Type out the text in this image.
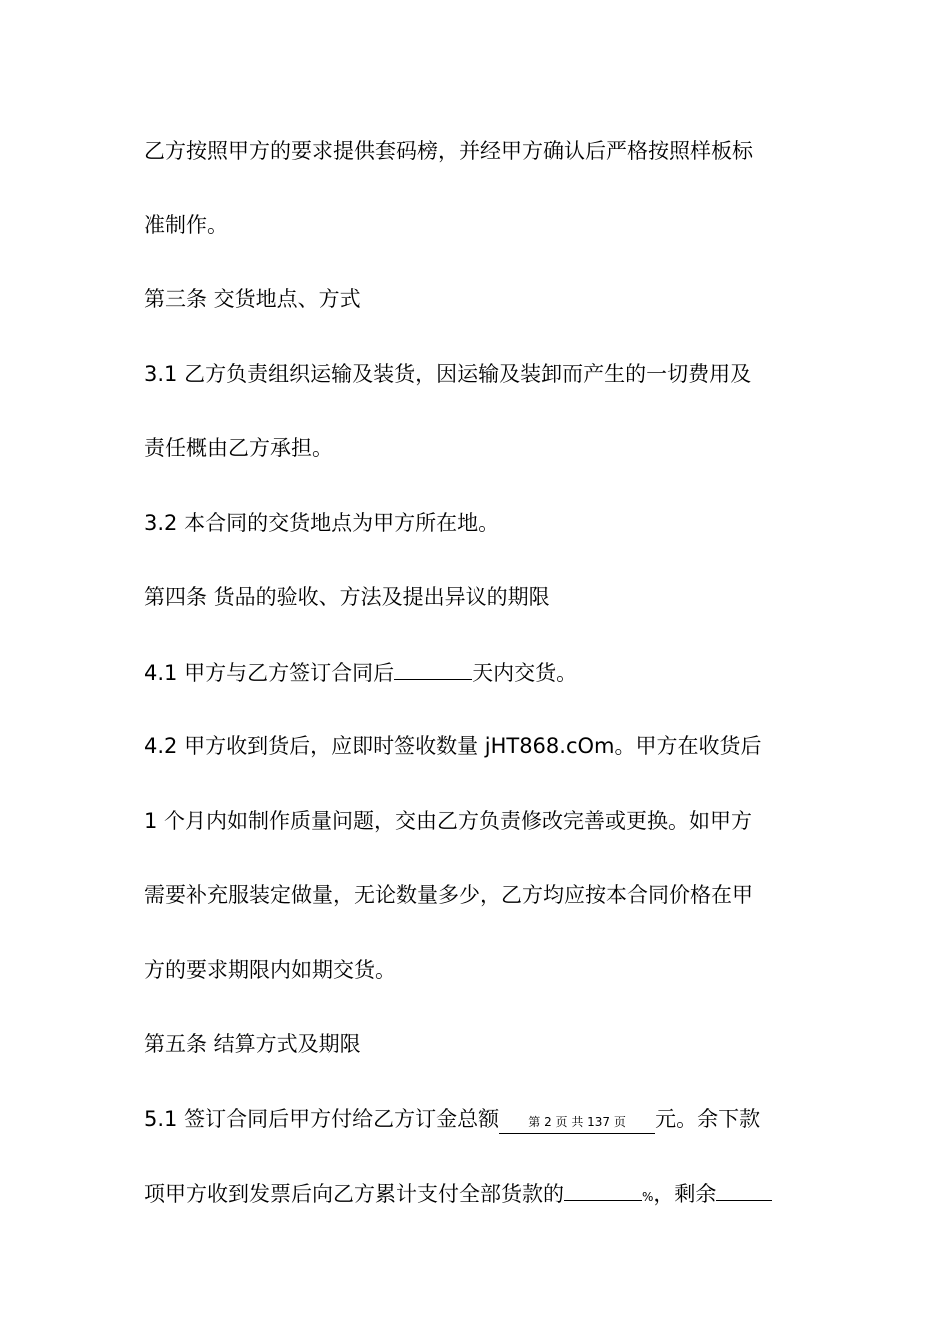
乙方按照甲方的要求提供套码榜，并经甲方确认后严格按照样板标
准制作。
第三条 交货地点、方式
3.1 乙方负责组织运输及装货，因运输及装卸而产生的一切费用及
责任概由乙方承担。
3.2 本合同的交货地点为甲方所在地。
第四条 货品的验收、方法及提出异议的期限
4.1 甲方与乙方签订合同后	天内交货。
4.2 甲方收到货后，应即时签收数量 jHT868.cOm。甲方在收货后
1 个月内如制作质量问题，交由乙方负责修改完善或更换。如甲方
需要补充服装定做量，无论数量多少，乙方均应按本合同价格在甲
方的要求期限内如期交货。
第五条 结算方式及期限
5.1 签订合同后甲方付给乙方订金总额 第 2 页 共 137 页 元。余下款
项甲方收到发票后向乙方累计支付全部货款的	%，剩余
